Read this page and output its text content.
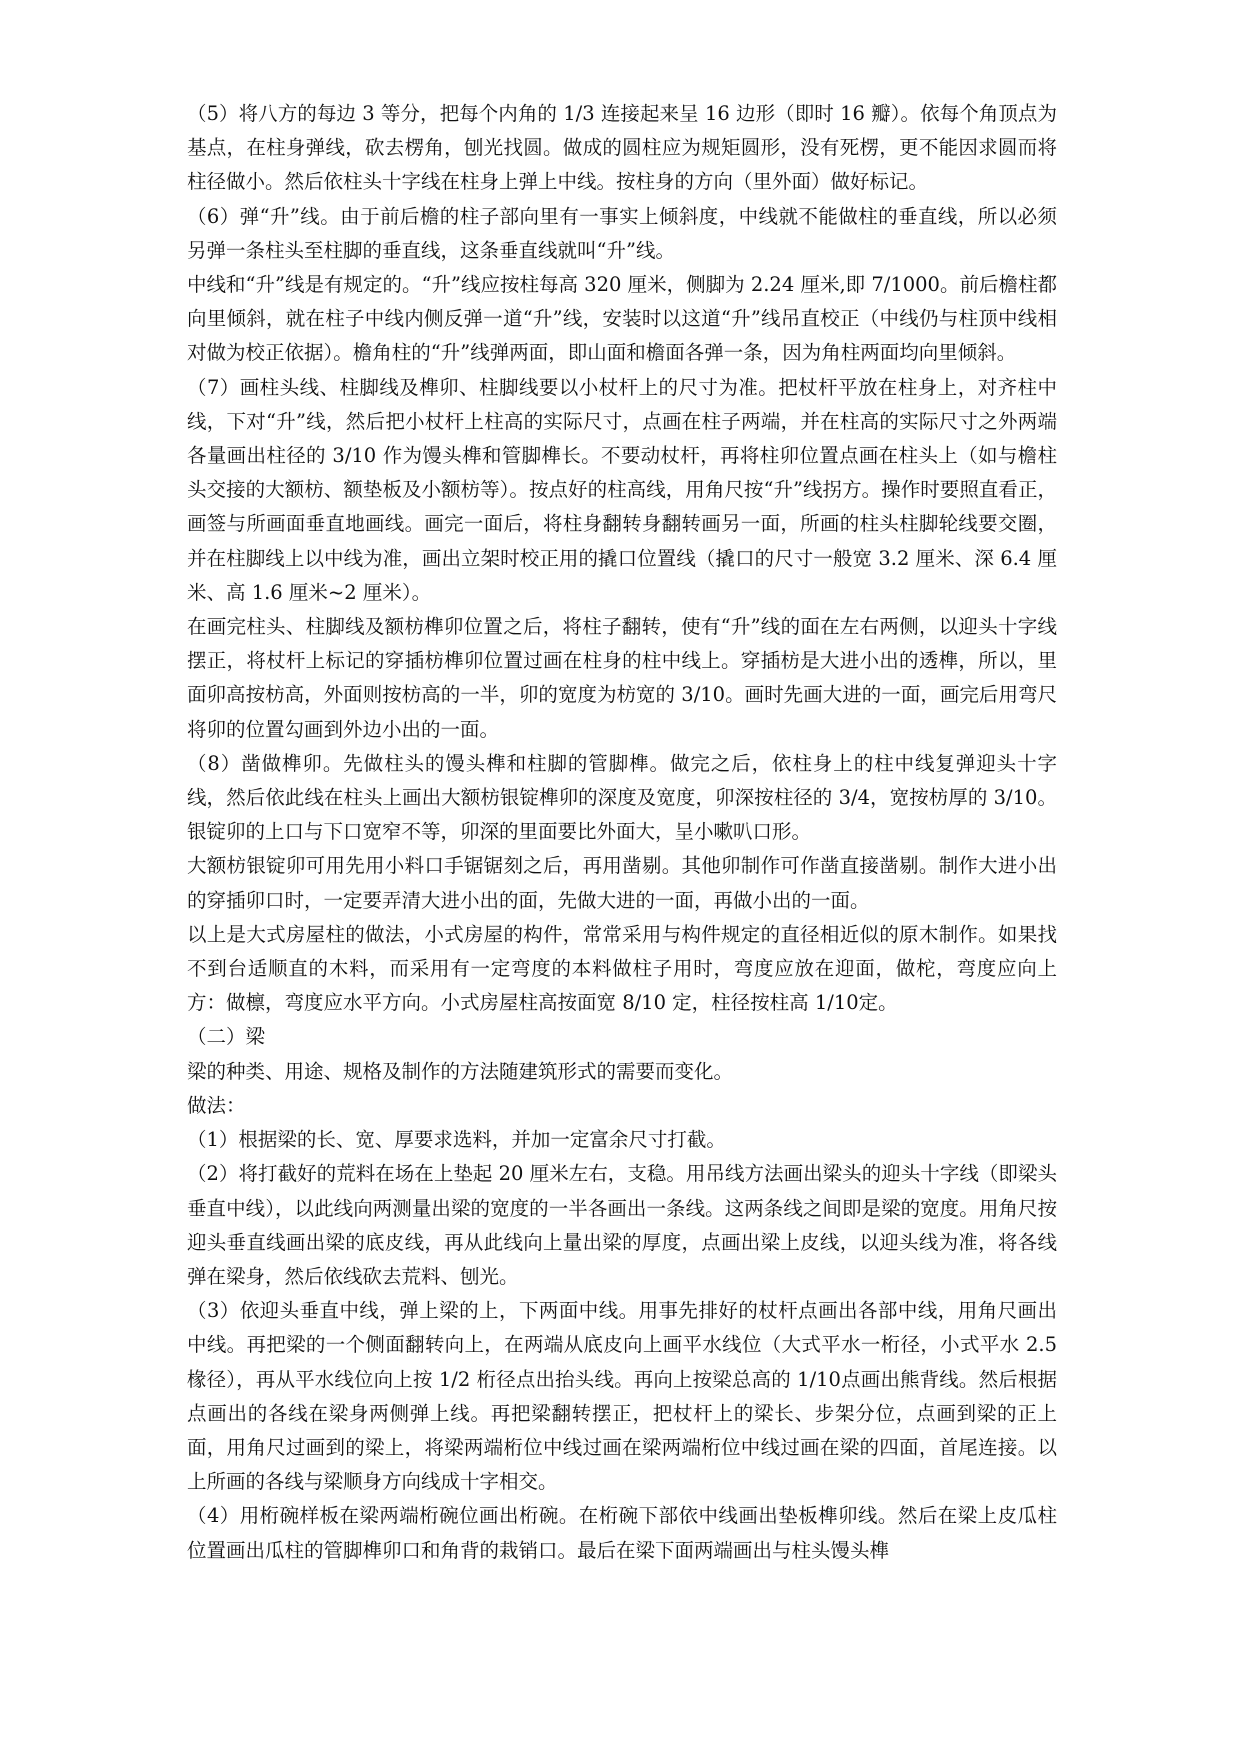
（5）将八方的每边 3 等分，把每个内角的 1/3 连接起来呈 16 边形（即时 16 瓣）。依每个角顶点为基点，在柱身弹线，砍去楞角，刨光找圆。做成的圆柱应为规矩圆形，没有死楞，更不能因求圆而将柱径做小。然后依柱头十字线在柱身上弹上中线。按柱身的方向（里外面）做好标记。

（6）弹“升”线。由于前后檐的柱子部向里有一事实上倾斜度，中线就不能做柱的垂直线，所以必须另弹一条柱头至柱脚的垂直线，这条垂直线就叫“升”线。

中线和“升”线是有规定的。“升”线应按柱每高 320 厘米，侧脚为 2.24 厘米,即 7/1000。前后檐柱都向里倾斜，就在柱子中线内侧反弹一道“升”线，安装时以这道“升”线吊直校正（中线仍与柱顶中线相对做为校正依据）。檐角柱的“升”线弹两面，即山面和檐面各弹一条，因为角柱两面均向里倾斜。

（7）画柱头线、柱脚线及榫卯、柱脚线要以小杖杆上的尺寸为准。把杖杆平放在柱身上，对齐柱中线，下对“升”线，然后把小杖杆上柱高的实际尺寸，点画在柱子两端，并在柱高的实际尺寸之外两端各量画出柱径的 3/10 作为馒头榫和管脚榫长。不要动杖杆，再将柱卯位置点画在柱头上（如与檐柱头交接的大额枋、额垫板及小额枋等）。按点好的柱高线，用角尺按“升”线拐方。操作时要照直看正，画签与所画面垂直地画线。画完一面后，将柱身翻转身翻转画另一面，所画的柱头柱脚轮线要交圈，并在柱脚线上以中线为准，画出立架时校正用的撬口位置线（撬口的尺寸一般宽 3.2 厘米、深 6.4 厘米、高 1.6 厘米~2 厘米）。

在画完柱头、柱脚线及额枋榫卯位置之后，将柱子翻转，使有“升”线的面在左右两侧，以迎头十字线摆正，将杖杆上标记的穿插枋榫卯位置过画在柱身的柱中线上。穿插枋是大进小出的透榫，所以，里面卯高按枋高，外面则按枋高的一半，卯的宽度为枋宽的 3/10。画时先画大进的一面，画完后用弯尺将卯的位置勾画到外边小出的一面。

（8）凿做榫卯。先做柱头的馒头榫和柱脚的管脚榫。做完之后，依柱身上的柱中线复弹迎头十字线，然后依此线在柱头上画出大额枋银锭榫卯的深度及宽度，卯深按柱径的 3/4，宽按枋厚的 3/10。银锭卯的上口与下口宽窄不等，卯深的里面要比外面大，呈小嗽叭口形。

大额枋银锭卯可用先用小料口手锯锯刻之后，再用凿剔。其他卯制作可作凿直接凿剔。制作大进小出的穿插卯口时，一定要弄清大进小出的面，先做大进的一面，再做小出的一面。

以上是大式房屋柱的做法，小式房屋的构件，常常采用与构件规定的直径相近似的原木制作。如果找不到台适顺直的木料，而采用有一定弯度的本料做柱子用时，弯度应放在迎面，做柁，弯度应向上方：做檩，弯度应水平方向。小式房屋柱高按面宽 8/10 定，柱径按柱高 1/10定。

（二）梁

梁的种类、用途、规格及制作的方法随建筑形式的需要而变化。

做法：

（1）根据梁的长、宽、厚要求选料，并加一定富余尺寸打截。

（2）将打截好的荒料在场在上垫起 20 厘米左右，支稳。用吊线方法画出梁头的迎头十字线（即梁头垂直中线），以此线向两测量出梁的宽度的一半各画出一条线。这两条线之间即是梁的宽度。用角尺按迎头垂直线画出梁的底皮线，再从此线向上量出梁的厚度，点画出梁上皮线，以迎头线为准，将各线弹在梁身，然后依线砍去荒料、刨光。

（3）依迎头垂直中线，弹上梁的上，下两面中线。用事先排好的杖杆点画出各部中线，用角尺画出中线。再把梁的一个侧面翻转向上，在两端从底皮向上画平水线位（大式平水一桁径，小式平水 2.5 椽径），再从平水线位向上按 1/2 桁径点出抬头线。再向上按梁总高的 1/10点画出熊背线。然后根据点画出的各线在梁身两侧弹上线。再把梁翻转摆正，把杖杆上的梁长、步架分位，点画到梁的正上面，用角尺过画到的梁上，将梁两端桁位中线过画在梁两端桁位中线过画在梁的四面，首尾连接。以上所画的各线与梁顺身方向线成十字相交。

（4）用桁碗样板在梁两端桁碗位画出桁碗。在桁碗下部依中线画出垫板榫卯线。然后在梁上皮瓜柱位置画出瓜柱的管脚榫卯口和角背的栽销口。最后在梁下面两端画出与柱头馒头榫
